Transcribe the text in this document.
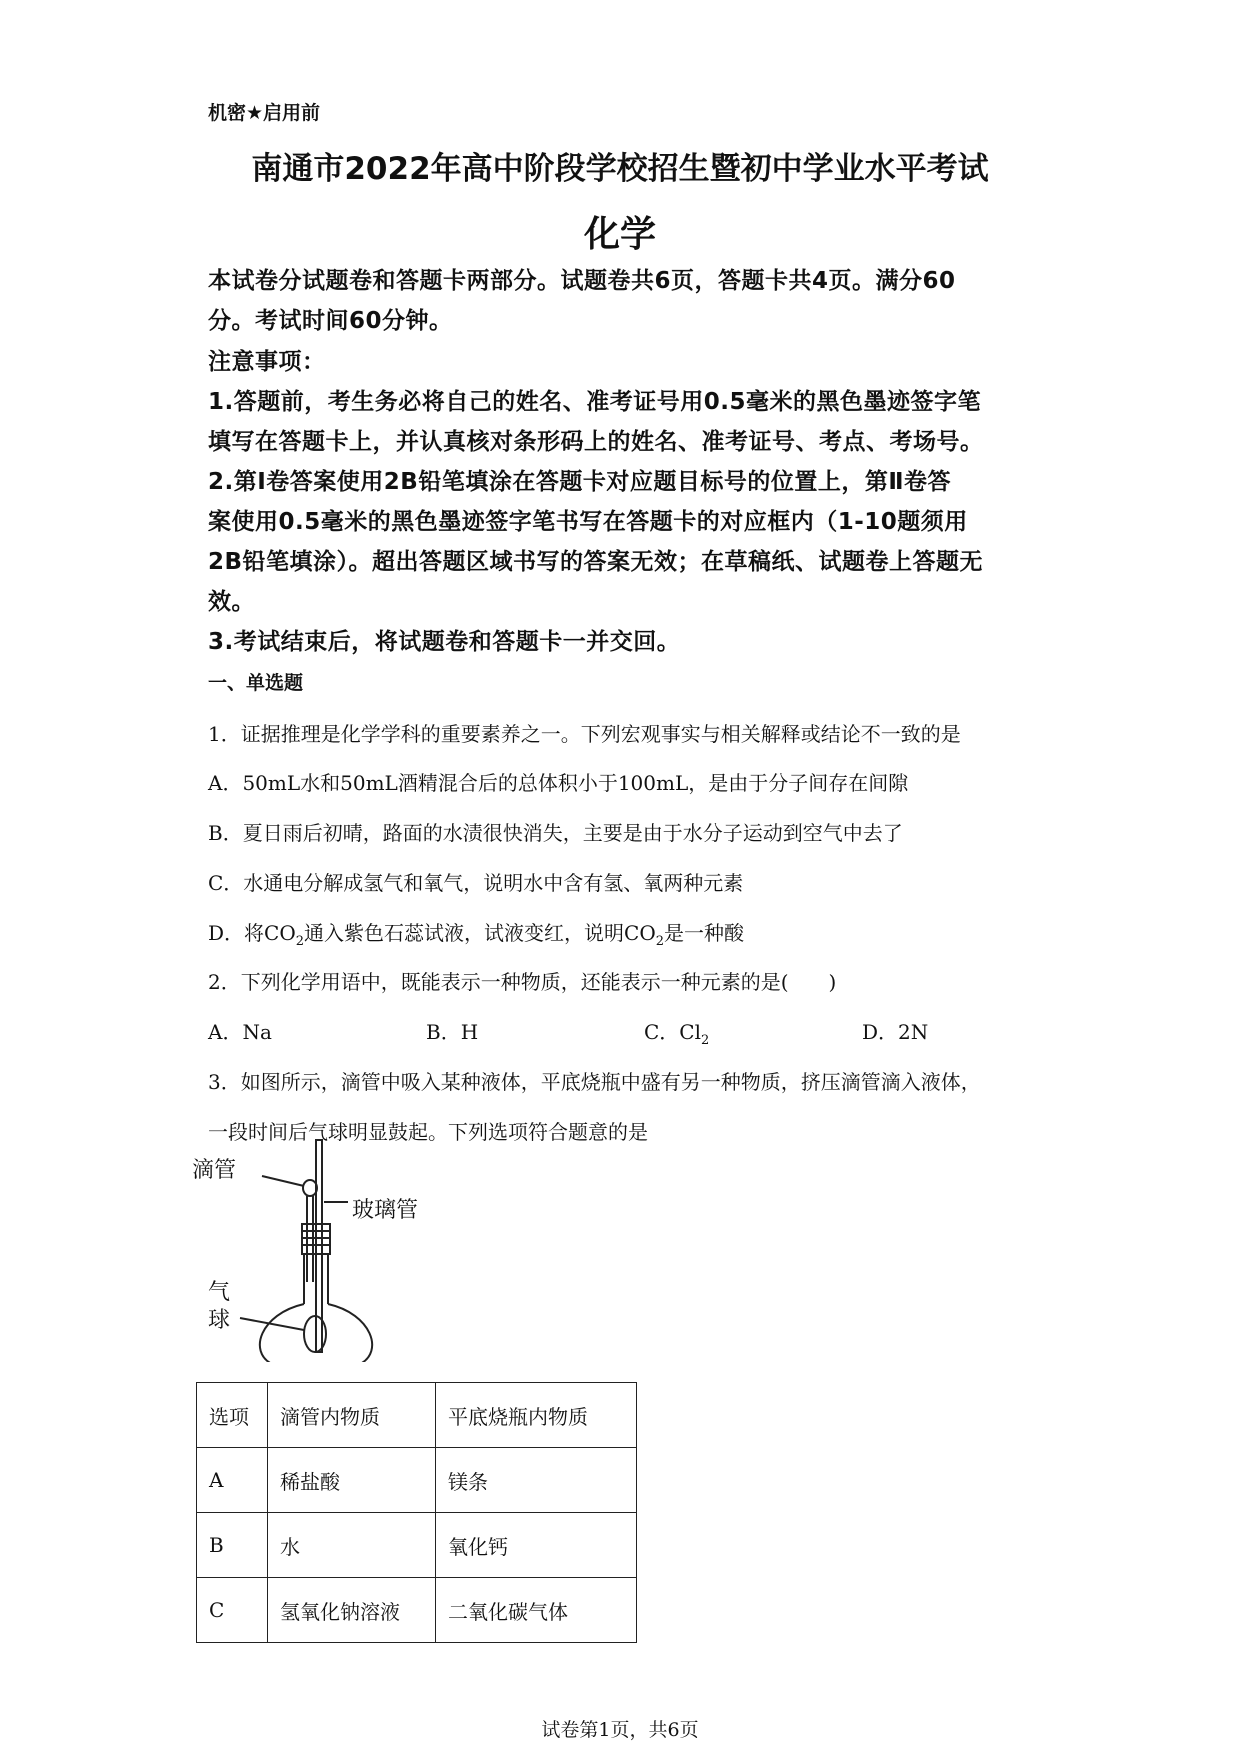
机密★启用前
南通市2022年高中阶段学校招生暨初中学业水平考试
化学
本试卷分试题卷和答题卡两部分。试题卷共6页，答题卡共4页。满分60
分。考试时间60分钟。
注意事项：
1.答题前，考生务必将自己的姓名、准考证号用0.5毫米的黑色墨迹签字笔
填写在答题卡上，并认真核对条形码上的姓名、准考证号、考点、考场号。
2.第Ⅰ卷答案使用2B铅笔填涂在答题卡对应题目标号的位置上，第Ⅱ卷答
案使用0.5毫米的黑色墨迹签字笔书写在答题卡的对应框内（1-10题须用
2B铅笔填涂）。超出答题区域书写的答案无效；在草稿纸、试题卷上答题无
效。
3.考试结束后，将试题卷和答题卡一并交回。
一、单选题
1．证据推理是化学学科的重要素养之一。下列宏观事实与相关解释或结论不一致的是
A．50mL水和50mL酒精混合后的总体积小于100mL，是由于分子间存在间隙
B．夏日雨后初晴，路面的水渍很快消失，主要是由于水分子运动到空气中去了
C．水通电分解成氢气和氧气，说明水中含有氢、氧两种元素
D．将$CO_2$通入紫色石蕊试液，试液变红，说明$CO_2$是一种酸
2．下列化学用语中，既能表示一种物质，还能表示一种元素的是(　　)
A．Na	B．H	C．$Cl_2$	D．2N
3．如图所示，滴管中吸入某种液体，平底烧瓶中盛有另一种物质，挤压滴管滴入液体，
一段时间后气球明显鼓起。下列选项符合题意的是
滴管
玻璃管
气
球
选项	滴管内物质	平底烧瓶内物质
A	稀盐酸	镁条
B	水	氧化钙
C	氢氧化钠溶液	二氧化碳气体
试卷第1页，共6页
